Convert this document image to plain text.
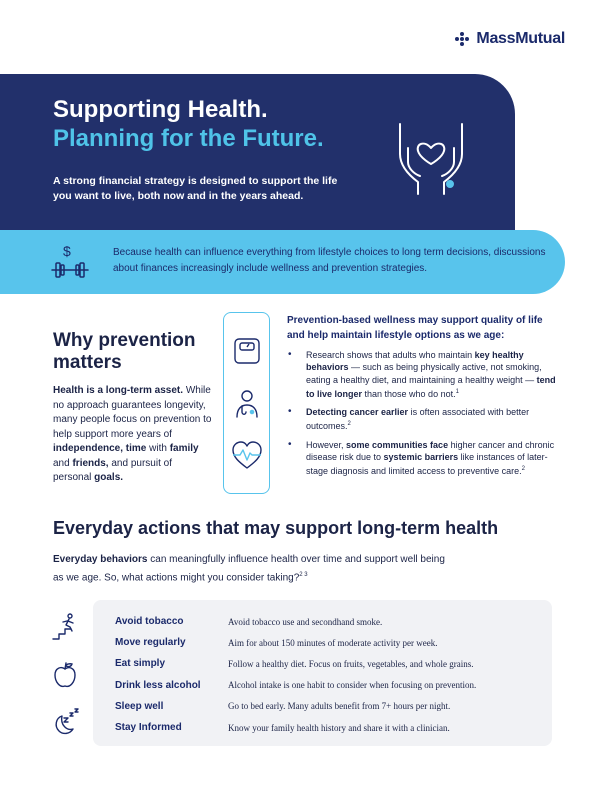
MassMutual
Supporting Health.
Planning for the Future.
A strong financial strategy is designed to support the life you want to live, both now and in the years ahead.
$	Because health can influence everything from lifestyle choices to long term decisions, discussions about finances increasingly include wellness and prevention strategies.
Why prevention matters
Health is a long-term asset. While no approach guarantees longevity, many people focus on prevention to help support more years of independence, time with family and friends, and pursuit of personal goals.
Prevention-based wellness may support quality of life and help maintain lifestyle options as we age:
• Research shows that adults who maintain key healthy behaviors — such as being physically active, not smoking, eating a healthy diet, and maintaining a healthy weight — tend to live longer than those who do not.$^1$
• Detecting cancer earlier is often associated with better outcomes.$^2$
• However, some communities face higher cancer and chronic disease risk due to systemic barriers like instances of later-stage diagnosis and limited access to preventive care.$^2$
Everyday actions that may support long-term health
Everyday behaviors can meaningfully influence health over time and support well being as we age. So, what actions might you consider taking?$^{2 3}$
Avoid tobacco	Avoid tobacco use and secondhand smoke.
Move regularly	Aim for about 150 minutes of moderate activity per week.
Eat simply	Follow a healthy diet. Focus on fruits, vegetables, and whole grains.
Drink less alcohol	Alcohol intake is one habit to consider when focusing on prevention.
Sleep well	Go to bed early. Many adults benefit from 7+ hours per night.
Stay Informed	Know your family health history and share it with a clinician.
